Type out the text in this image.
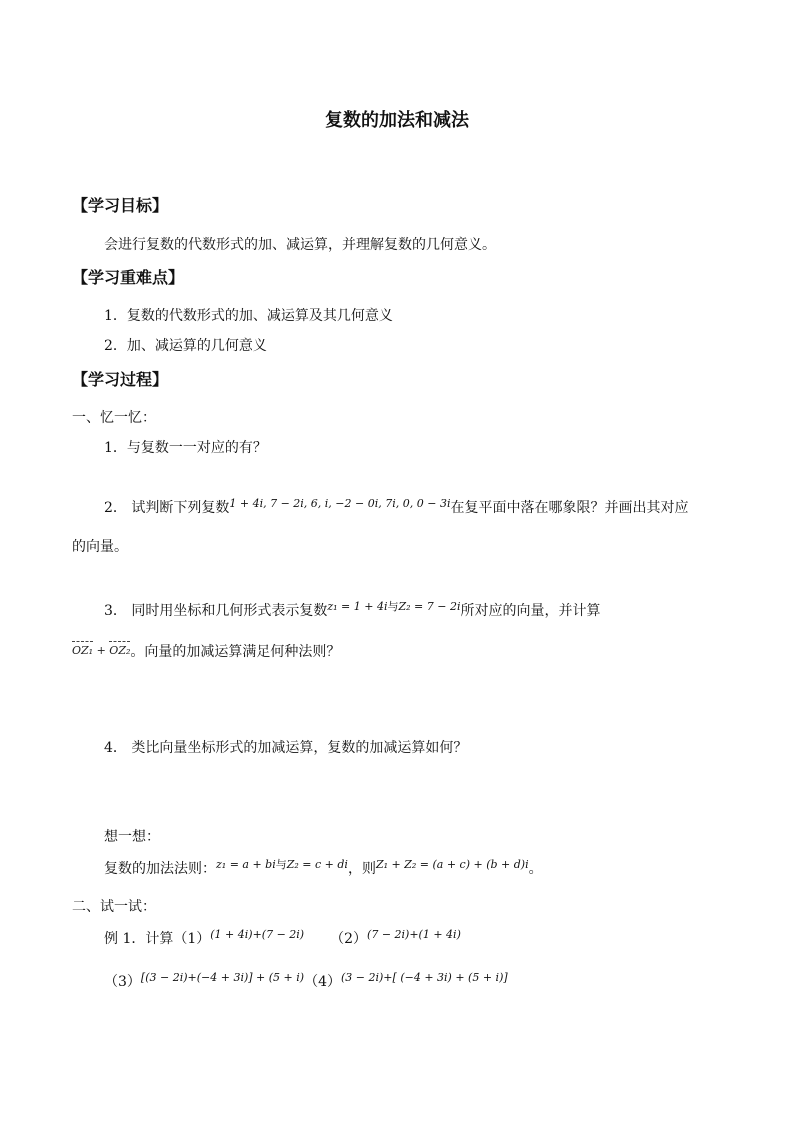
复数的加法和减法
【学习目标】
会进行复数的代数形式的加、减运算，并理解复数的几何意义。
【学习重难点】
1．复数的代数形式的加、减运算及其几何意义
2．加、减运算的几何意义
【学习过程】
一、忆一忆：
1．与复数一一对应的有？
2． 试判断下列复数$^{1 + 4i, 7 - 2i, 6, i, -2 - 0i, 7i, 0, 0 - 3i}$在复平面中落在哪象限？并画出其对应
的向量。
3． 同时用坐标和几何形式表示复数$^{z_1 = 1 + 4i与Z_2 = 7 - 2i}$所对应的向量，并计算
OZ₁ + OZ₂。向量的加减运算满足何种法则？
4． 类比向量坐标形式的加减运算，复数的加减运算如何？
想一想：
复数的加法法则：$^{z_1 = a + bi与Z_2 = c + di}$，则$^{Z_1 + Z_2 = (a + c) + (b + d)i}$。
二、试一试：
例 1．计算$(1)^{(1 + 4i)+(7 - 2i)}$ $(2)^{(7 - 2i)+(1 + 4i)}$
$(3)^{[(3 - 2i)+(-4 + 3i)] + (5 + i)}(4)^{(3 - 2i)+[ (-4 + 3i) + (5 + i)]}$
